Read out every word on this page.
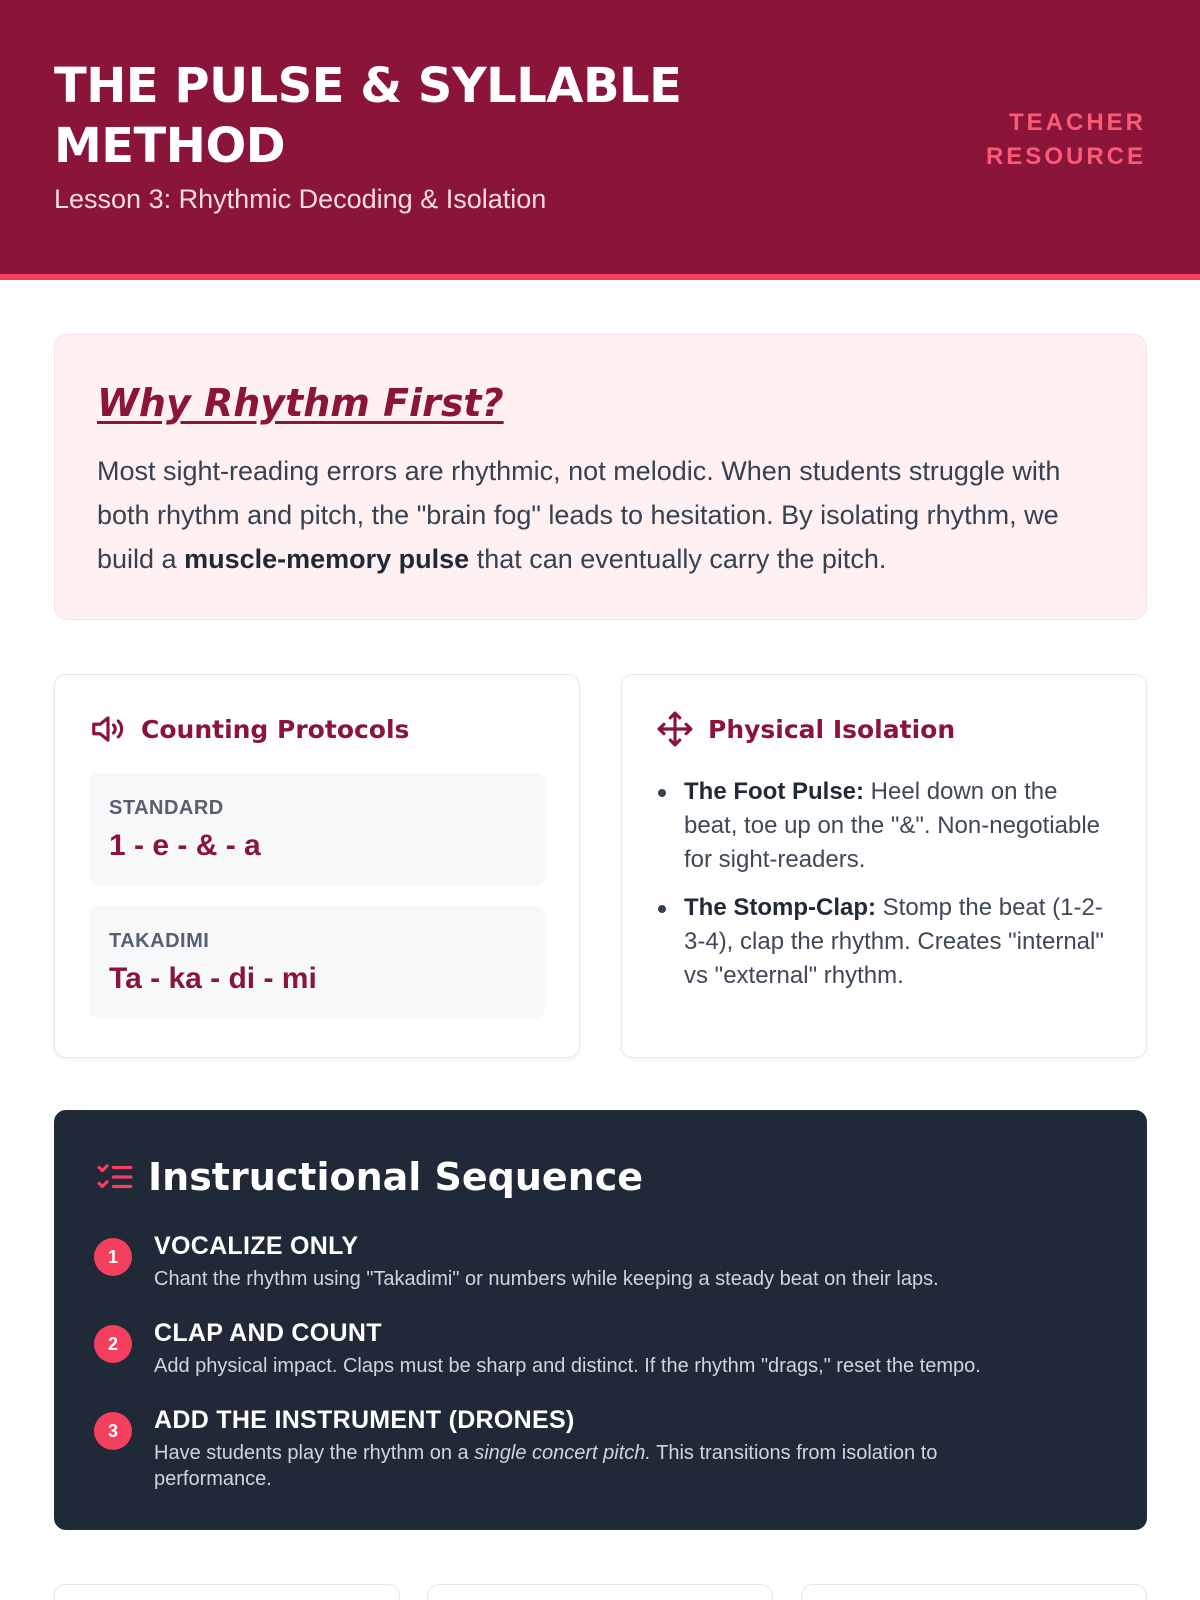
THE PULSE & SYLLABLE METHOD
Lesson 3: Rhythmic Decoding & Isolation
TEACHER
RESOURCE
Why Rhythm First?

Most sight-reading errors are rhythmic, not melodic. When students struggle with both rhythm and pitch, the "brain fog" leads to hesitation. By isolating rhythm, we build a muscle-memory pulse that can eventually carry the pitch.

Counting Protocols
STANDARD
1 - e - & - a
TAKADIMI
Ta - ka - di - mi
Physical Isolation
The Foot Pulse: Heel down on the beat, toe up on the "&". Non-negotiable for sight-readers.
The Stomp-Clap: Stomp the beat (1-2-3-4), clap the rhythm. Creates "internal" vs "external" rhythm.
Instructional Sequence
1	VOCALIZE ONLY
Chant the rhythm using "Takadimi" or numbers while keeping a steady beat on their laps.
2	CLAP AND COUNT
Add physical impact. Claps must be sharp and distinct. If the rhythm "drags," reset the tempo.
3	ADD THE INSTRUMENT (DRONES)
Have students play the rhythm on a single concert pitch. This transitions from isolation to performance.
